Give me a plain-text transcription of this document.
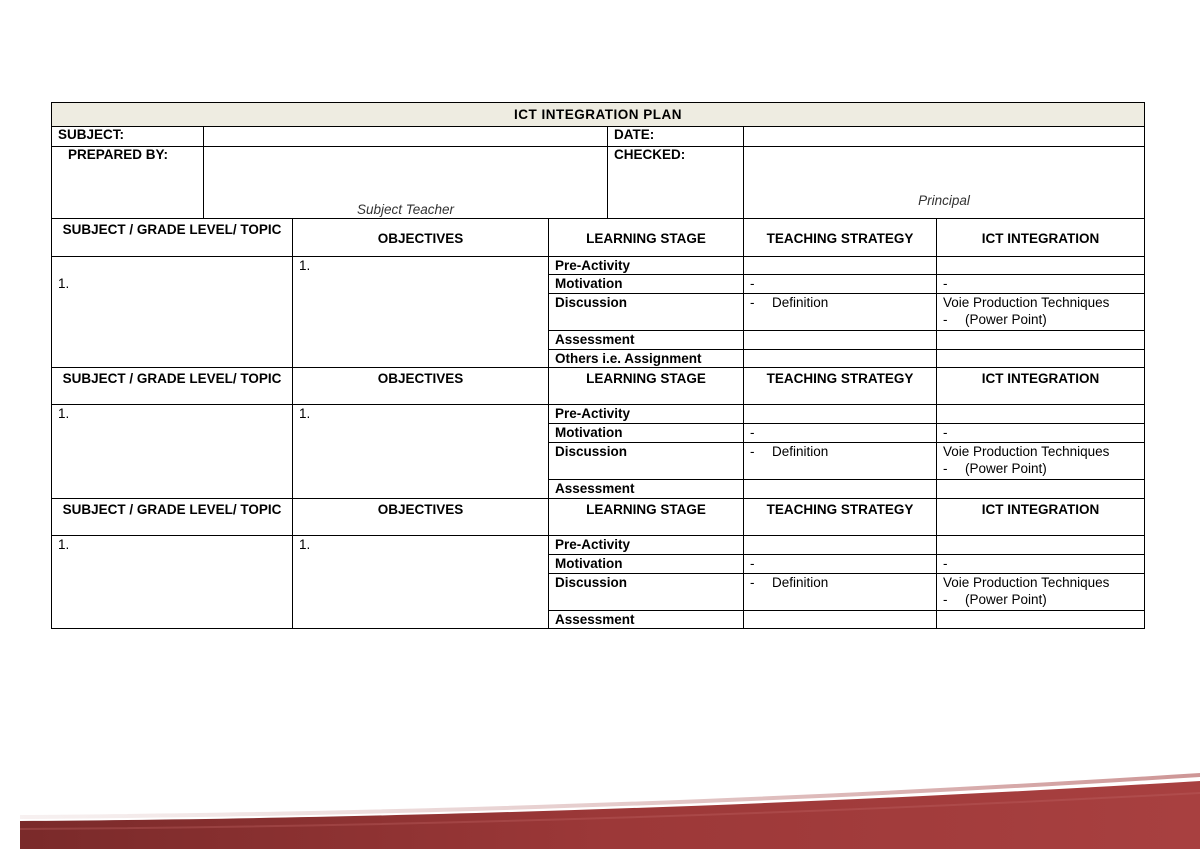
ICT INTEGRATION PLAN						
SUBJECT:				DATE:		
PREPARED BY:	Subject Teacher			CHECKED:	Principal	
SUBJECT / GRADE LEVEL/ TOPIC		OBJECTIVES	LEARNING STAGE		TEACHING STRATEGY	ICT INTEGRATION
1.		1.	Pre-Activity			
			Motivation		-	-
			Discussion		- Definition	Voie Production Techniques
- (Power Point)

			Assessment			
			Others i.e. Assignment			
SUBJECT / GRADE LEVEL/ TOPIC		OBJECTIVES	LEARNING STAGE		TEACHING STRATEGY	ICT INTEGRATION
1.		1.	Pre-Activity			
			Motivation		-	-
			Discussion		- Definition	Voie Production Techniques
- (Power Point)

			Assessment			
SUBJECT / GRADE LEVEL/ TOPIC		OBJECTIVES	LEARNING STAGE		TEACHING STRATEGY	ICT INTEGRATION
1.		1.	Pre-Activity			
			Motivation		-	-
			Discussion		- Definition	Voie Production Techniques
- (Power Point)

			Assessment			
